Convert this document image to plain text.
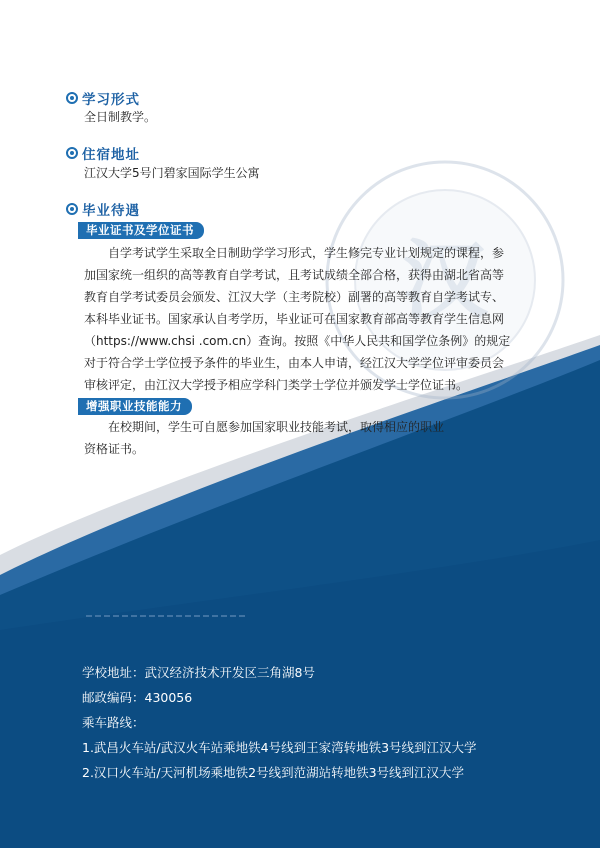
汉
学习形式
全日制教学。
住宿地址
江汉大学5号门碧家国际学生公寓
毕业待遇
毕业证书及学位证书
自学考试学生采取全日制助学学习形式，学生修完专业计划规定的课程，参
加国家统一组织的高等教育自学考试，且考试成绩全部合格，获得由湖北省高等
教育自学考试委员会颁发、江汉大学（主考院校）副署的高等教育自学考试专、
本科毕业证书。国家承认自考学历，毕业证可在国家教育部高等教育学生信息网
（https://www.chsi .com.cn）查询。按照《中华人民共和国学位条例》的规定
对于符合学士学位授予条件的毕业生，由本人申请，经江汉大学学位评审委员会
审核评定，由江汉大学授予相应学科门类学士学位并颁发学士学位证书。
增强职业技能能力
在校期间，学生可自愿参加国家职业技能考试，取得相应的职业
资格证书。
学校地址：武汉经济技术开发区三角湖8号
邮政编码：430056
乘车路线：
1.武昌火车站/武汉火车站乘地铁4号线到王家湾转地铁3号线到江汉大学
2.汉口火车站/天河机场乘地铁2号线到范湖站转地铁3号线到江汉大学
